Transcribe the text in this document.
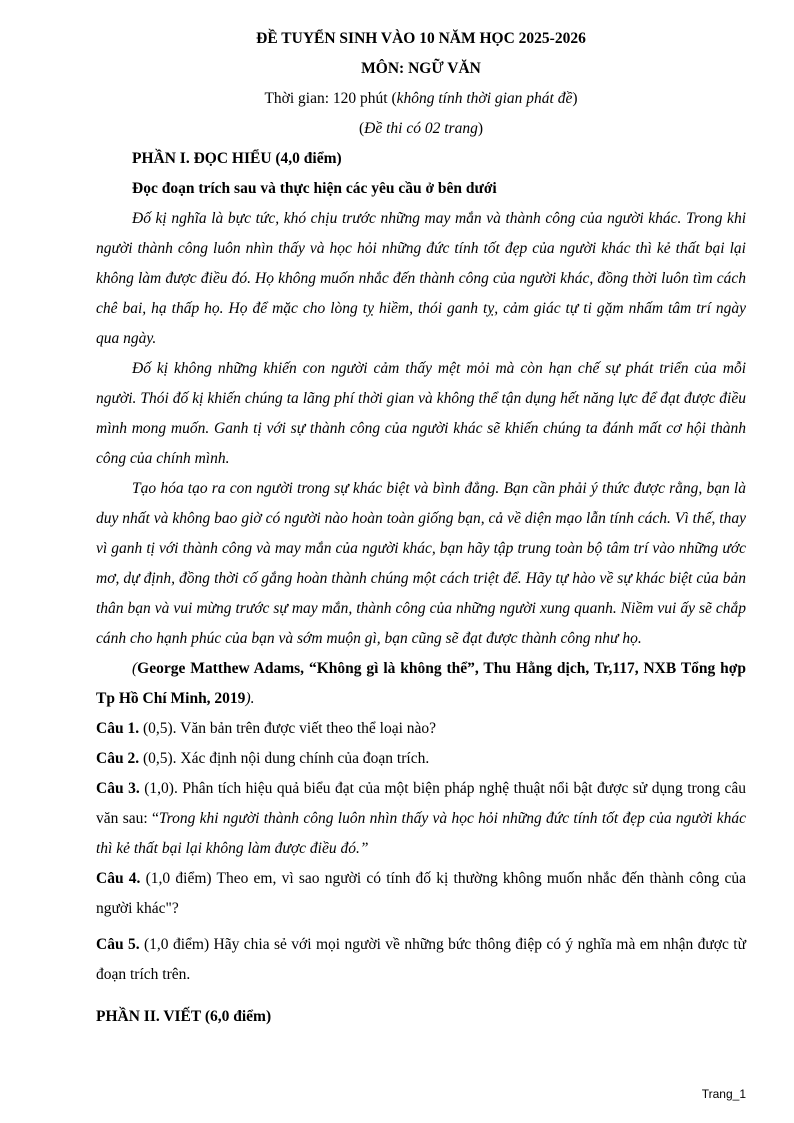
ĐỀ TUYỂN SINH VÀO 10 NĂM HỌC 2025-2026
MÔN: NGỮ VĂN
Thời gian: 120 phút (không tính thời gian phát đề)
(Đề thi có 02 trang)

PHẦN I. ĐỌC HIỂU (4,0 điểm)

Đọc đoạn trích sau và thực hiện các yêu cầu ở bên dưới

Đố kị nghĩa là bực tức, khó chịu trước những may mắn và thành công của người khác. Trong khi người thành công luôn nhìn thấy và học hỏi những đức tính tốt đẹp của người khác thì kẻ thất bại lại không làm được điều đó. Họ không muốn nhắc đến thành công của người khác, đồng thời luôn tìm cách chê bai, hạ thấp họ. Họ để mặc cho lòng tỵ hiềm, thói ganh tỵ, cảm giác tự ti gặm nhấm tâm trí ngày qua ngày.

Đố kị không những khiến con người cảm thấy mệt mỏi mà còn hạn chế sự phát triển của mỗi người. Thói đố kị khiến chúng ta lãng phí thời gian và không thể tận dụng hết năng lực để đạt được điều mình mong muốn. Ganh tị với sự thành công của người khác sẽ khiến chúng ta đánh mất cơ hội thành công của chính mình.

Tạo hóa tạo ra con người trong sự khác biệt và bình đẳng. Bạn cần phải ý thức được rằng, bạn là duy nhất và không bao giờ có người nào hoàn toàn giống bạn, cả về diện mạo lẫn tính cách. Vì thế, thay vì ganh tị với thành công và may mắn của người khác, bạn hãy tập trung toàn bộ tâm trí vào những ước mơ, dự định, đồng thời cố gắng hoàn thành chúng một cách triệt để. Hãy tự hào về sự khác biệt của bản thân bạn và vui mừng trước sự may mắn, thành công của những người xung quanh. Niềm vui ấy sẽ chắp cánh cho hạnh phúc của bạn và sớm muộn gì, bạn cũng sẽ đạt được thành công như họ.

(George Matthew Adams, “Không gì là không thể”, Thu Hằng dịch, Tr,117, NXB Tổng hợp Tp Hồ Chí Minh, 2019).

Câu 1. (0,5). Văn bản trên được viết theo thể loại nào?

Câu 2. (0,5). Xác định nội dung chính của đoạn trích.

Câu 3. (1,0). Phân tích hiệu quả biểu đạt của một biện pháp nghệ thuật nổi bật được sử dụng trong câu văn sau: “Trong khi người thành công luôn nhìn thấy và học hỏi những đức tính tốt đẹp của người khác thì kẻ thất bại lại không làm được điều đó.”

Câu 4. (1,0 điểm) Theo em, vì sao người có tính đố kị thường không muốn nhắc đến thành công của người khác"?

Câu 5. (1,0 điểm) Hãy chia sẻ với mọi người về những bức thông điệp có ý nghĩa mà em nhận được từ đoạn trích trên.

PHẦN II. VIẾT (6,0 điểm)

Trang_1
